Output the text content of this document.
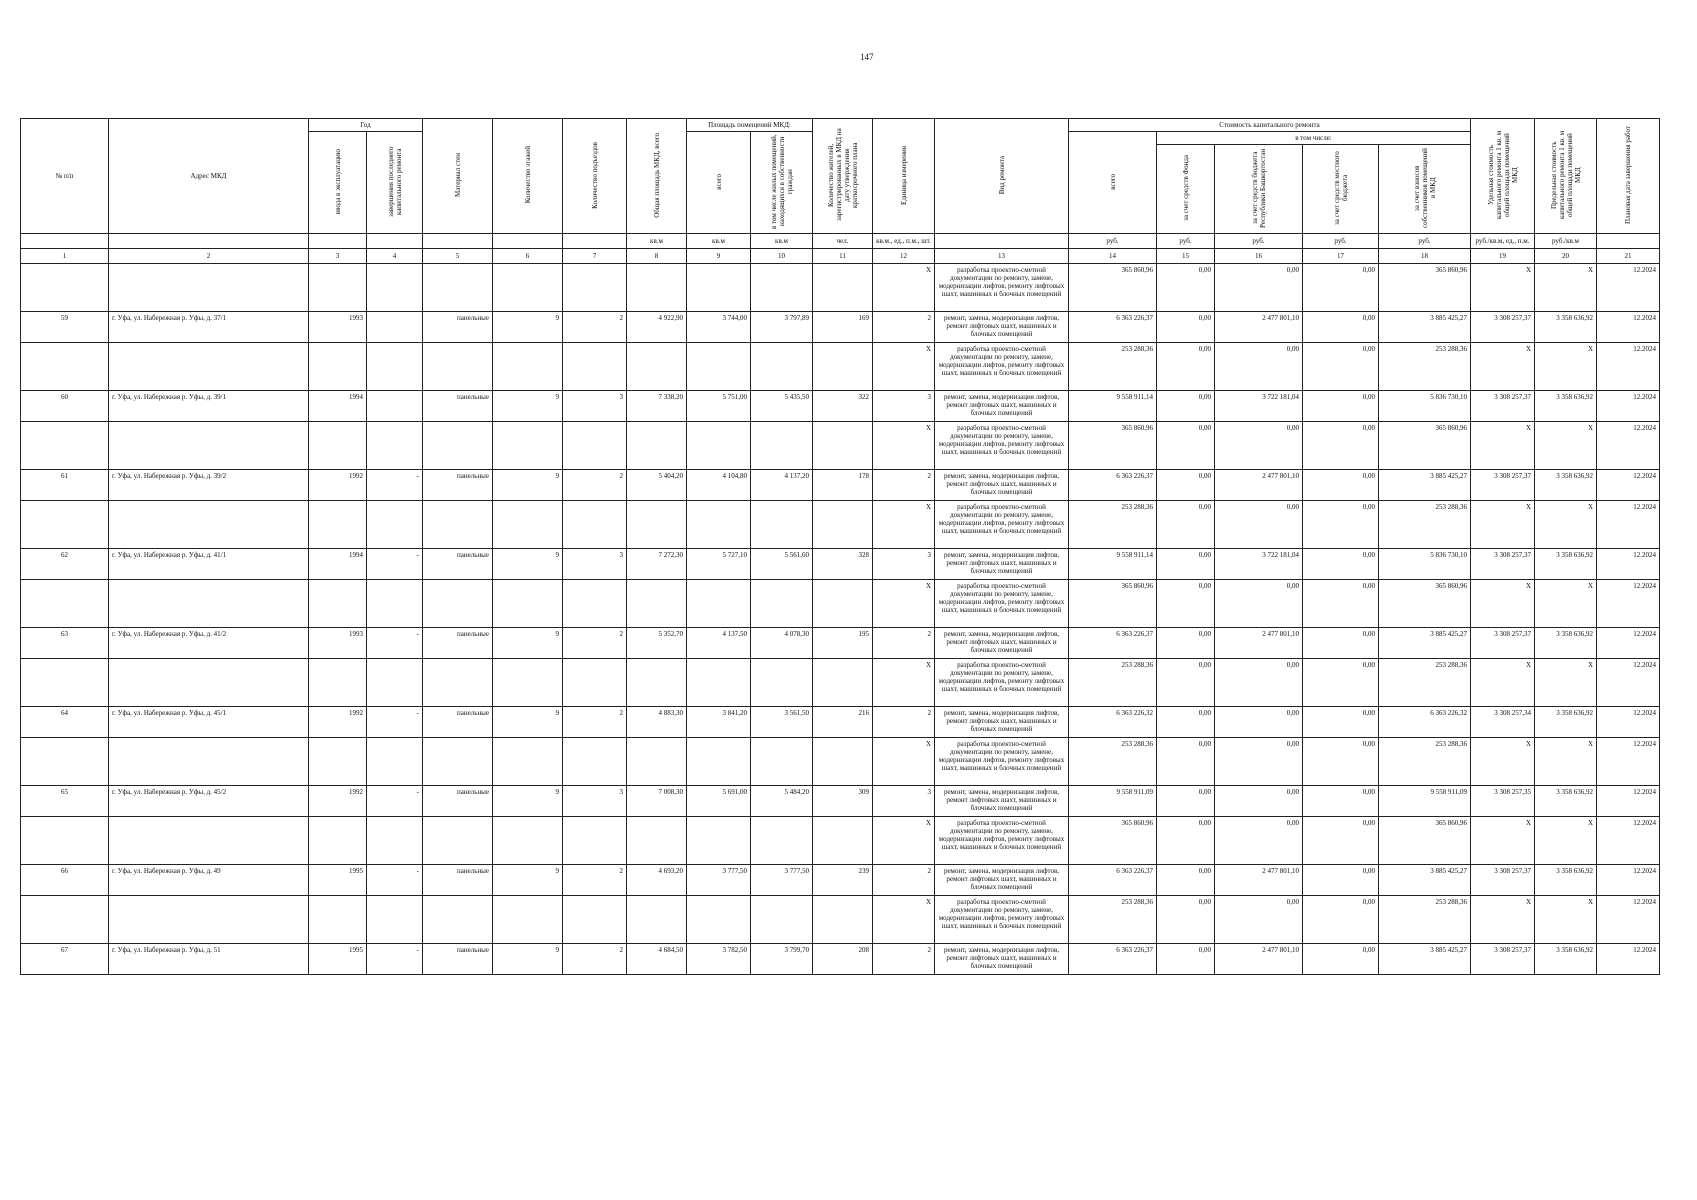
147
№ п/п	Адрес МКД	Год		Материал стен	Количество этажей	Количество подъездов	Общая площадь МКД, всего	Площадь помещений МКД:		Количество жителей, зарегистрированных в МКД на дату утверждения краткосрочного плана	Единица измерения	Вид ремонта	Стоимость капитального ремонта					Удельная стоимость капитального ремонта 1 кв. м общей площади помещений МКД	Предельная стоимость капитального ремонта 1 кв. м общей площади помещений МКД	Плановая дата завершения работ
		ввода в эксплуатацию	завершения последнего капитального ремонта					всего	в том числе жилых помещений, находящихся в собственности граждан				всего	в том числе:						
														за счет средств Фонда	за счет средств бюджета Республики Башкортостан	за счет средств местного бюджета	за счет взносов собственников помещений в МКД			
							кв.м	кв.м	кв.м	чел.	кв.м., ед., п.м., шт.		руб.	руб.	руб.	руб.	руб.	руб./кв.м, ед., п.м.	руб./кв.м	
1	2	3	4	5	6	7	8	9	10	11	12	13	14	15	16	17	18	19	20	21
											X	разработка проектно-сметной документации по ремонту, замене, модернизации лифтов, ремонту лифтовых шахт, машинных и блочных помещений	365 860,96	0,00	0,00	0,00	365 860,96	X	X	12.2024
59	г. Уфа, ул. Набережная р. Уфы, д. 37/1	1993		панельные	9	2	4 922,90	3 744,00	3 797,89	169	2	ремонт, замена, модернизация лифтов, ремонт лифтовых шахт, машинных и блочных помещений	6 363 226,37	0,00	2 477 801,10	0,00	3 885 425,27	3 308 257,37	3 358 636,92	12.2024
											X	разработка проектно-сметной документации по ремонту, замене, модернизации лифтов, ремонту лифтовых шахт, машинных и блочных помещений	253 288,36	0,00	0,00	0,00	253 288,36	X	X	12.2024
60	г. Уфа, ул. Набережная р. Уфы, д. 39/1	1994		панельные	9	3	7 338,20	5 751,00	5 435,50	322	3	ремонт, замена, модернизация лифтов, ремонт лифтовых шахт, машинных и блочных помещений	9 558 911,14	0,00	3 722 181,04	0,00	5 836 730,10	3 308 257,37	3 358 636,92	12.2024
											X	разработка проектно-сметной документации по ремонту, замене, модернизации лифтов, ремонту лифтовых шахт, машинных и блочных помещений	365 860,96	0,00	0,00	0,00	365 860,96	X	X	12.2024
61	г. Уфа, ул. Набережная р. Уфы, д. 39/2	1992	-	панельные	9	2	5 404,20	4 104,80	4 137,20	178	2	ремонт, замена, модернизация лифтов, ремонт лифтовых шахт, машинных и блочных помещений	6 363 226,37	0,00	2 477 801,10	0,00	3 885 425,27	3 308 257,37	3 358 636,92	12.2024
											X	разработка проектно-сметной документации по ремонту, замене, модернизации лифтов, ремонту лифтовых шахт, машинных и блочных помещений	253 288,36	0,00	0,00	0,00	253 288,36	X	X	12.2024
62	г. Уфа, ул. Набережная р. Уфы, д. 41/1	1994	-	панельные	9	3	7 272,30	5 727,10	5 561,60	328	3	ремонт, замена, модернизация лифтов, ремонт лифтовых шахт, машинных и блочных помещений	9 558 911,14	0,00	3 722 181,04	0,00	5 836 730,10	3 308 257,37	3 358 636,92	12.2024
											X	разработка проектно-сметной документации по ремонту, замене, модернизации лифтов, ремонту лифтовых шахт, машинных и блочных помещений	365 860,96	0,00	0,00	0,00	365 860,96	X	X	12.2024
63	г. Уфа, ул. Набережная р. Уфы, д. 41/2	1993	-	панельные	9	2	5 352,70	4 137,50	4 078,30	195	2	ремонт, замена, модернизация лифтов, ремонт лифтовых шахт, машинных и блочных помещений	6 363 226,37	0,00	2 477 801,10	0,00	3 885 425,27	3 308 257,37	3 358 636,92	12.2024
											X	разработка проектно-сметной документации по ремонту, замене, модернизации лифтов, ремонту лифтовых шахт, машинных и блочных помещений	253 288,36	0,00	0,00	0,00	253 288,36	X	X	12.2024
64	г. Уфа, ул. Набережная р. Уфы, д. 45/1	1992	-	панельные	9	2	4 883,30	3 841,20	3 561,50	216	2	ремонт, замена, модернизация лифтов, ремонт лифтовых шахт, машинных и блочных помещений	6 363 226,32	0,00	0,00	0,00	6 363 226,32	3 308 257,34	3 358 636,92	12.2024
											X	разработка проектно-сметной документации по ремонту, замене, модернизации лифтов, ремонту лифтовых шахт, машинных и блочных помещений	253 288,36	0,00	0,00	0,00	253 288,36	X	X	12.2024
65	г. Уфа, ул. Набережная р. Уфы, д. 45/2	1992	-	панельные	9	3	7 008,30	5 691,00	5 484,20	309	3	ремонт, замена, модернизация лифтов, ремонт лифтовых шахт, машинных и блочных помещений	9 558 911,09	0,00	0,00	0,00	9 558 911,09	3 308 257,35	3 358 636,92	12.2024
											X	разработка проектно-сметной документации по ремонту, замене, модернизации лифтов, ремонту лифтовых шахт, машинных и блочных помещений	365 860,96	0,00	0,00	0,00	365 860,96	X	X	12.2024
66	г. Уфа, ул. Набережная р. Уфы, д. 49	1995	-	панельные	9	2	4 693,20	3 777,50	3 777,50	239	2	ремонт, замена, модернизация лифтов, ремонт лифтовых шахт, машинных и блочных помещений	6 363 226,37	0,00	2 477 801,10	0,00	3 885 425,27	3 308 257,37	3 358 636,92	12.2024
											X	разработка проектно-сметной документации по ремонту, замене, модернизации лифтов, ремонту лифтовых шахт, машинных и блочных помещений	253 288,36	0,00	0,00	0,00	253 288,36	X	X	12.2024
67	г. Уфа, ул. Набережная р. Уфы, д. 51	1995	-	панельные	9	2	4 684,50	3 782,50	3 799,70	208	2	ремонт, замена, модернизация лифтов, ремонт лифтовых шахт, машинных и блочных помещений	6 363 226,37	0,00	2 477 801,10	0,00	3 885 425,27	3 308 257,37	3 358 636,92	12.2024
